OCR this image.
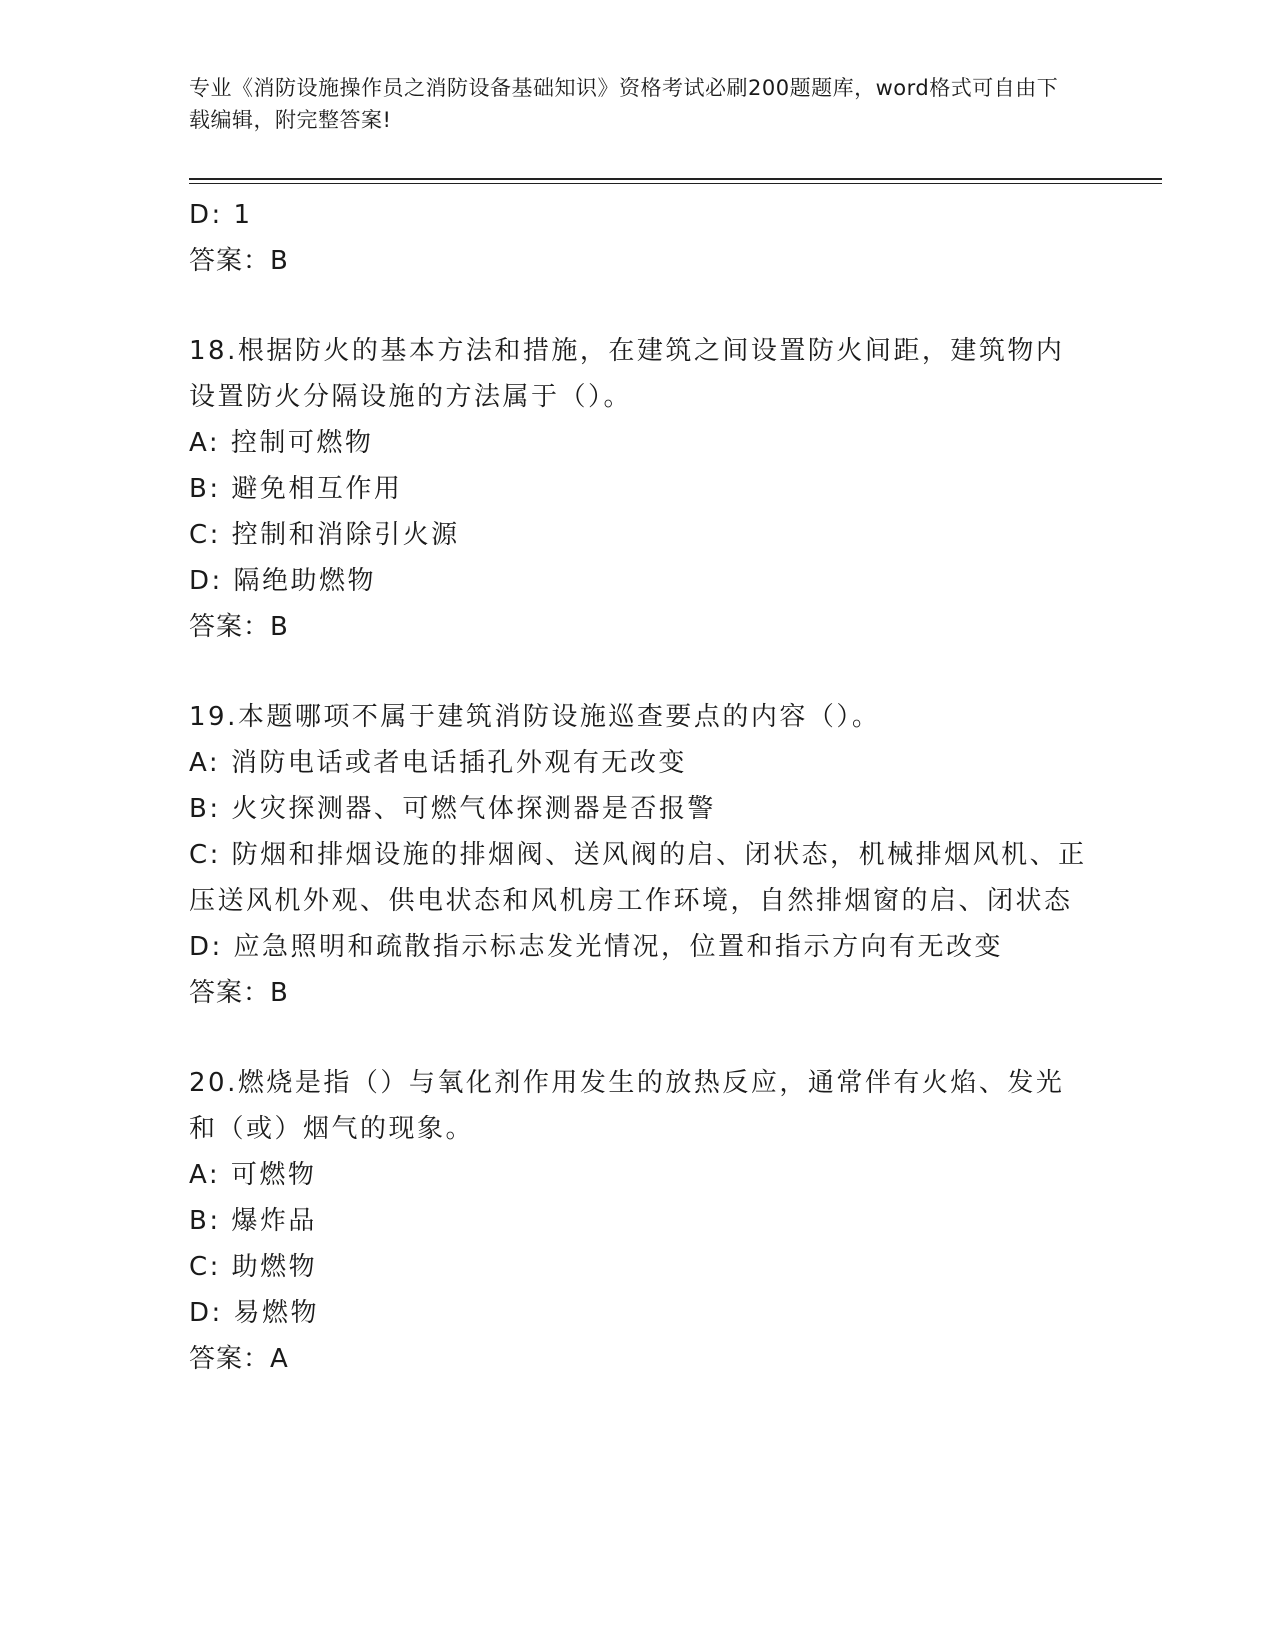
专业《消防设施操作员之消防设备基础知识》资格考试必刷200题题库，word格式可自由下载编辑，附完整答案!
D: 1
答案：B
18.根据防火的基本方法和措施，在建筑之间设置防火间距，建筑物内设置防火分隔设施的方法属于（）。
A: 控制可燃物
B: 避免相互作用
C: 控制和消除引火源
D: 隔绝助燃物
答案：B
19.本题哪项不属于建筑消防设施巡查要点的内容（）。
A: 消防电话或者电话插孔外观有无改变
B: 火灾探测器、可燃气体探测器是否报警
C: 防烟和排烟设施的排烟阀、送风阀的启、闭状态，机械排烟风机、正压送风机外观、供电状态和风机房工作环境，自然排烟窗的启、闭状态
D: 应急照明和疏散指示标志发光情况，位置和指示方向有无改变
答案：B
20.燃烧是指（）与氧化剂作用发生的放热反应，通常伴有火焰、发光和（或）烟气的现象。
A: 可燃物
B: 爆炸品
C: 助燃物
D: 易燃物
答案：A
